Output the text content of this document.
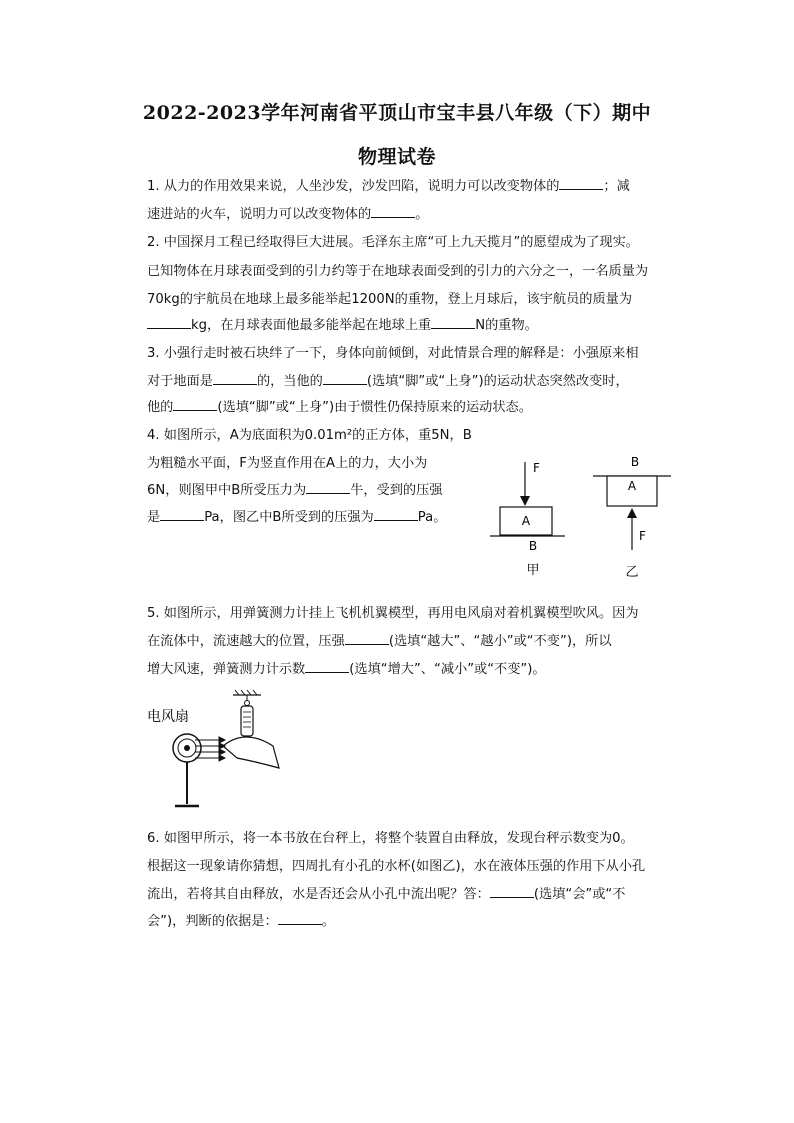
2022-2023学年河南省平顶山市宝丰县八年级（下）期中
物理试卷
1. 从力的作用效果来说，人坐沙发，沙发凹陷，说明力可以改变物体的	；减
速进站的火车，说明力可以改变物体的	。
2. 中国探月工程已经取得巨大进展。毛泽东主席“可上九天揽月”的愿望成为了现实。
已知物体在月球表面受到的引力约等于在地球表面受到的引力的六分之一，一名质量为
70kg的宇航员在地球上最多能举起1200N的重物，登上月球后，该宇航员的质量为
kg，在月球表面他最多能举起在地球上重	N的重物。
3. 小强行走时被石块绊了一下，身体向前倾倒，对此情景合理的解释是：小强原来相
对于地面是	的，当他的	(选填“脚”或“上身”)的运动状态突然改变时，
他的	(选填“脚”或“上身”)由于惯性仍保持原来的运动状态。
4. 如图所示，A为底面积为0.01m²的正方体，重5N，B
为粗糙水平面，F为竖直作用在A上的力，大小为
6N，则图甲中B所受压力为	牛，受到的压强
是	Pa，图乙中B所受到的压强为	Pa。
F
A
B
甲
B
A
F
乙
5. 如图所示，用弹簧测力计挂上飞机机翼模型，再用电风扇对着机翼模型吹风。因为
在流体中，流速越大的位置，压强	(选填“越大”、“越小”或“不变”)，所以
增大风速，弹簧测力计示数	(选填“增大”、“减小”或“不变”)。
电风扇
6. 如图甲所示，将一本书放在台秤上，将整个装置自由释放，发现台秤示数变为0。
根据这一现象请你猜想，四周扎有小孔的水杯(如图乙)，水在液体压强的作用下从小孔
流出，若将其自由释放，水是否还会从小孔中流出呢？答：	(选填“会”或“不
会”)，判断的依据是：	。
